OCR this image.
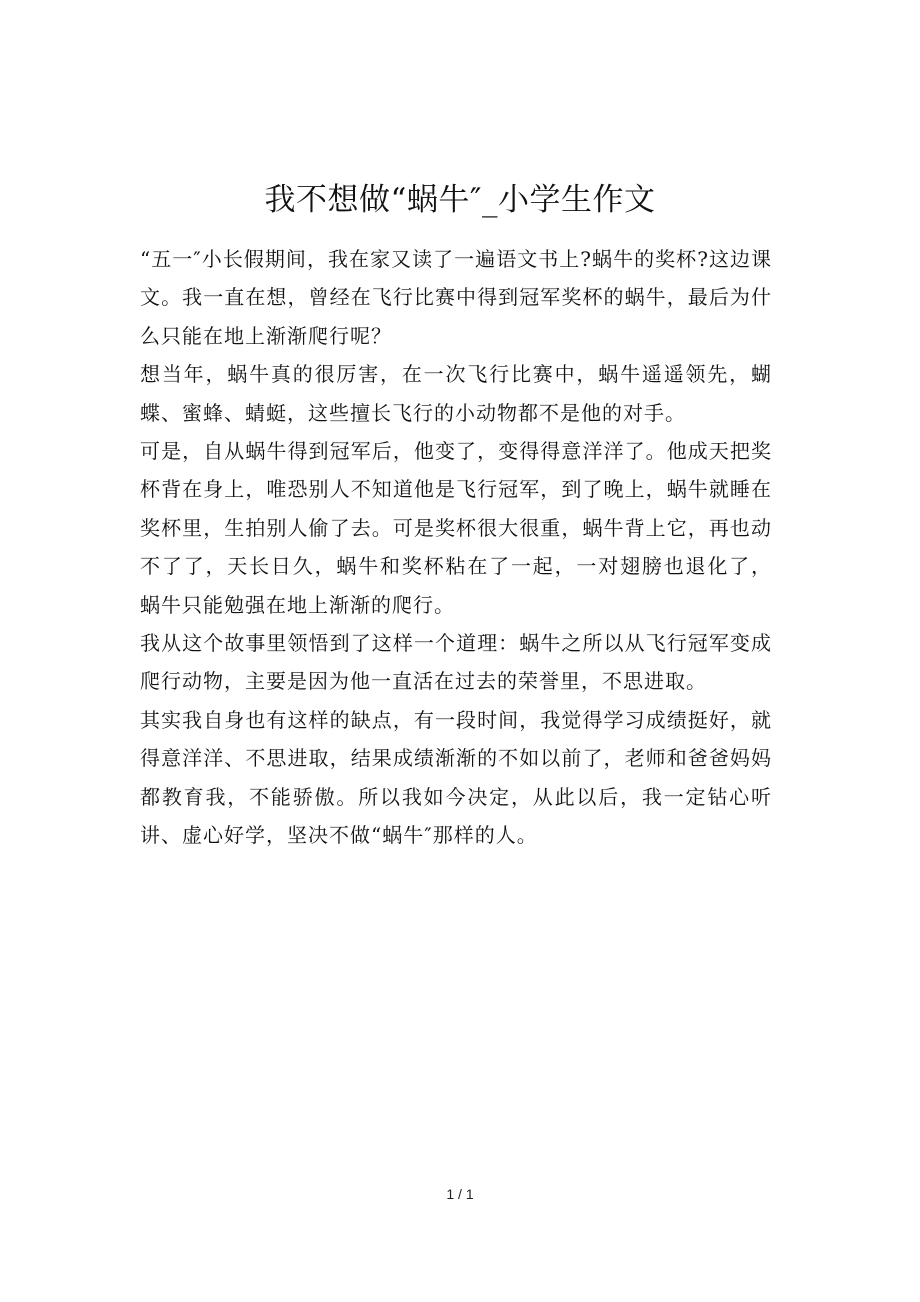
我不想做“蜗牛″_小学生作文

“五一″小长假期间，我在家又读了一遍语文书上?蜗牛的奖杯?这边课文。我一直在想，曾经在飞行比赛中得到冠军奖杯的蜗牛，最后为什么只能在地上渐渐爬行呢？

想当年，蜗牛真的很厉害，在一次飞行比赛中，蜗牛遥遥领先，蝴蝶、蜜蜂、蜻蜓，这些擅长飞行的小动物都不是他的对手。

可是，自从蜗牛得到冠军后，他变了，变得得意洋洋了。他成天把奖杯背在身上，唯恐别人不知道他是飞行冠军，到了晚上，蜗牛就睡在奖杯里，生拍别人偷了去。可是奖杯很大很重，蜗牛背上它，再也动不了了，天长日久，蜗牛和奖杯粘在了一起，一对翅膀也退化了， 蜗牛只能勉强在地上渐渐的爬行。

我从这个故事里领悟到了这样一个道理：蜗牛之所以从飞行冠军变成爬行动物，主要是因为他一直活在过去的荣誉里，不思进取。

其实我自身也有这样的缺点，有一段时间，我觉得学习成绩挺好，就得意洋洋、不思进取，结果成绩渐渐的不如以前了，老师和爸爸妈妈都教育我，不能骄傲。所以我如今决定，从此以后，我一定钻心听讲、虚心好学，坚决不做“蜗牛″那样的人。

1 / 1
